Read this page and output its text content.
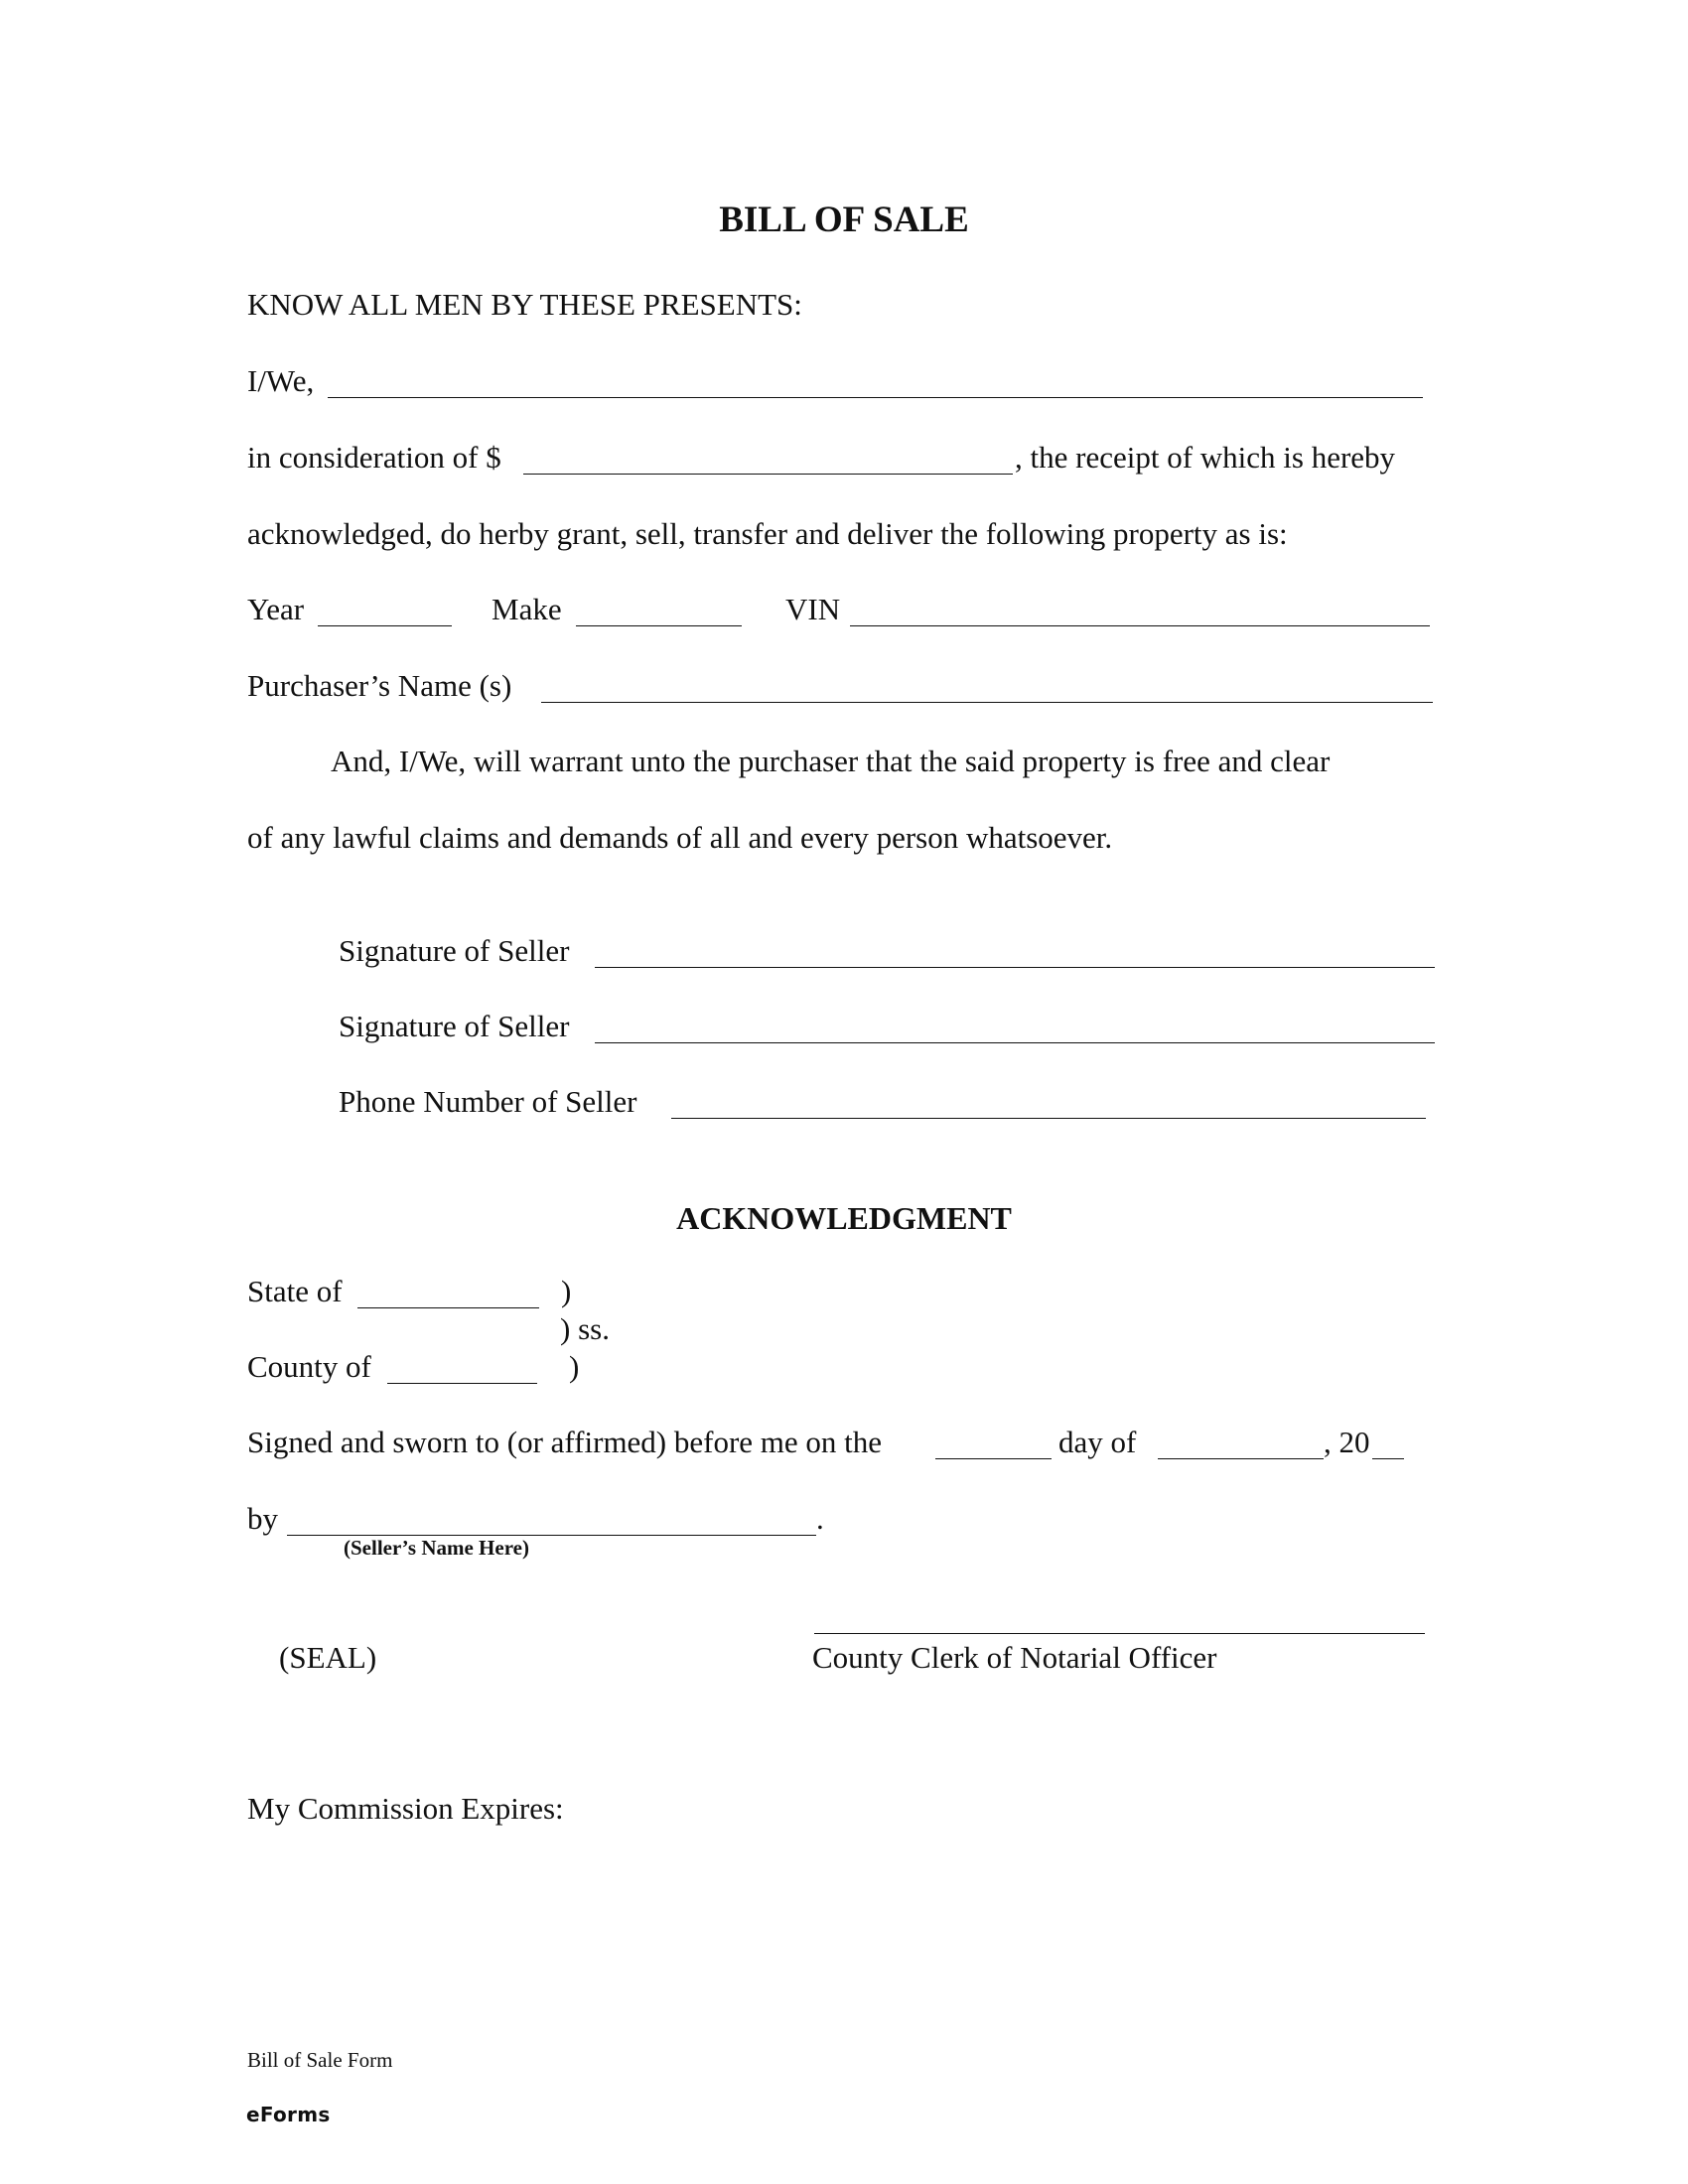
BILL OF SALE
KNOW ALL MEN BY THESE PRESENTS:
I/We,
in consideration of $	, the receipt of which is hereby
acknowledged, do herby grant, sell, transfer and deliver the following property as is:
Year	Make	VIN
Purchaser’s Name (s)
And, I/We, will warrant unto the purchaser that the said property is free and clear
of any lawful claims and demands of all and every person whatsoever.
Signature of Seller
Signature of Seller
Phone Number of Seller
ACKNOWLEDGMENT
State of	)
) ss.
County of	)
Signed and sworn to (or affirmed) before me on the	day of	, 20
by	.
(Seller’s Name Here)
(SEAL)	County Clerk of Notarial Officer
My Commission Expires:
Bill of Sale Form
eForms
